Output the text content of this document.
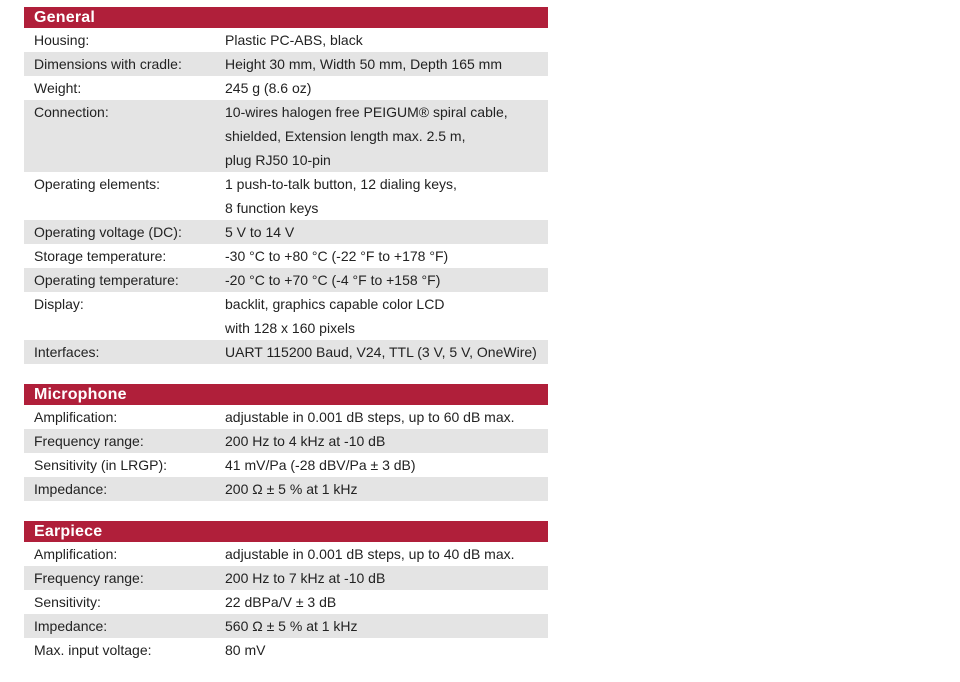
General
Housing:	Plastic PC-ABS, black
Dimensions with cradle:	Height 30 mm, Width 50 mm, Depth 165 mm
Weight:	245 g (8.6 oz)
Connection:	10-wires halogen free PEIGUM® spiral cable,
shielded, Extension length max. 2.5 m,
plug RJ50 10-pin
Operating elements:	1 push-to-talk button, 12 dialing keys,
8 function keys
Operating voltage (DC):	5 V to 14 V
Storage temperature:	-30 °C to +80 °C (-22 °F to +178 °F)
Operating temperature:	-20 °C to +70 °C (-4 °F to +158 °F)
Display:	backlit, graphics capable color LCD
with 128 x 160 pixels
Interfaces:	UART 115200 Baud, V24, TTL (3 V, 5 V, OneWire)
Microphone
Amplification:	adjustable in 0.001 dB steps, up to 60 dB max.
Frequency range:	200 Hz to 4 kHz at -10 dB
Sensitivity (in LRGP):	41 mV/Pa (-28 dBV/Pa ± 3 dB)
Impedance:	200 Ω ± 5 % at 1 kHz
Earpiece
Amplification:	adjustable in 0.001 dB steps, up to 40 dB max.
Frequency range:	200 Hz to 7 kHz at -10 dB
Sensitivity:	22 dBPa/V ± 3 dB
Impedance:	560 Ω ± 5 % at 1 kHz
Max. input voltage:	80 mV
